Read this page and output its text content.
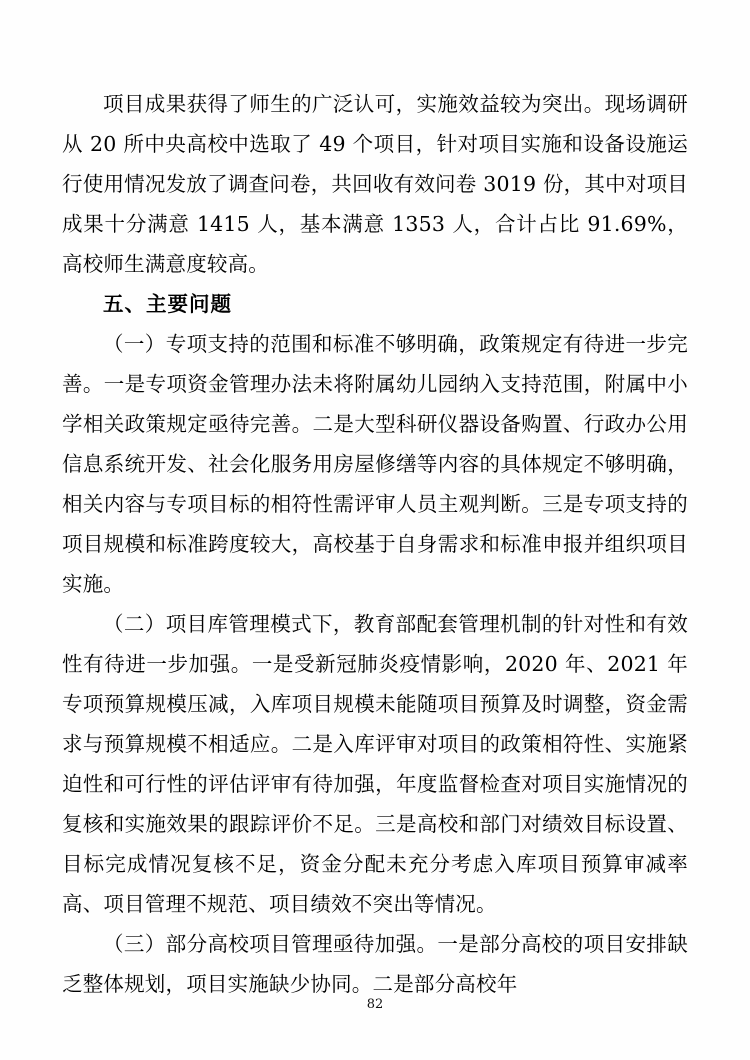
项目成果获得了师生的广泛认可，实施效益较为突出。现场调研从 20 所中央高校中选取了 49 个项目，针对项目实施和设备设施运行使用情况发放了调查问卷，共回收有效问卷 3019 份，其中对项目成果十分满意 1415 人，基本满意 1353 人，合计占比 91.69%，高校师生满意度较高。

五、主要问题

（一）专项支持的范围和标准不够明确，政策规定有待进一步完善。一是专项资金管理办法未将附属幼儿园纳入支持范围，附属中小学相关政策规定亟待完善。二是大型科研仪器设备购置、行政办公用信息系统开发、社会化服务用房屋修缮等内容的具体规定不够明确，相关内容与专项目标的相符性需评审人员主观判断。三是专项支持的项目规模和标准跨度较大，高校基于自身需求和标准申报并组织项目实施。

（二）项目库管理模式下，教育部配套管理机制的针对性和有效性有待进一步加强。一是受新冠肺炎疫情影响，2020 年、2021 年专项预算规模压减，入库项目规模未能随项目预算及时调整，资金需求与预算规模不相适应。二是入库评审对项目的政策相符性、实施紧迫性和可行性的评估评审有待加强，年度监督检查对项目实施情况的复核和实施效果的跟踪评价不足。三是高校和部门对绩效目标设置、目标完成情况复核不足，资金分配未充分考虑入库项目预算审减率高、项目管理不规范、项目绩效不突出等情况。

（三）部分高校项目管理亟待加强。一是部分高校的项目安排缺乏整体规划，项目实施缺少协同。二是部分高校年

82
